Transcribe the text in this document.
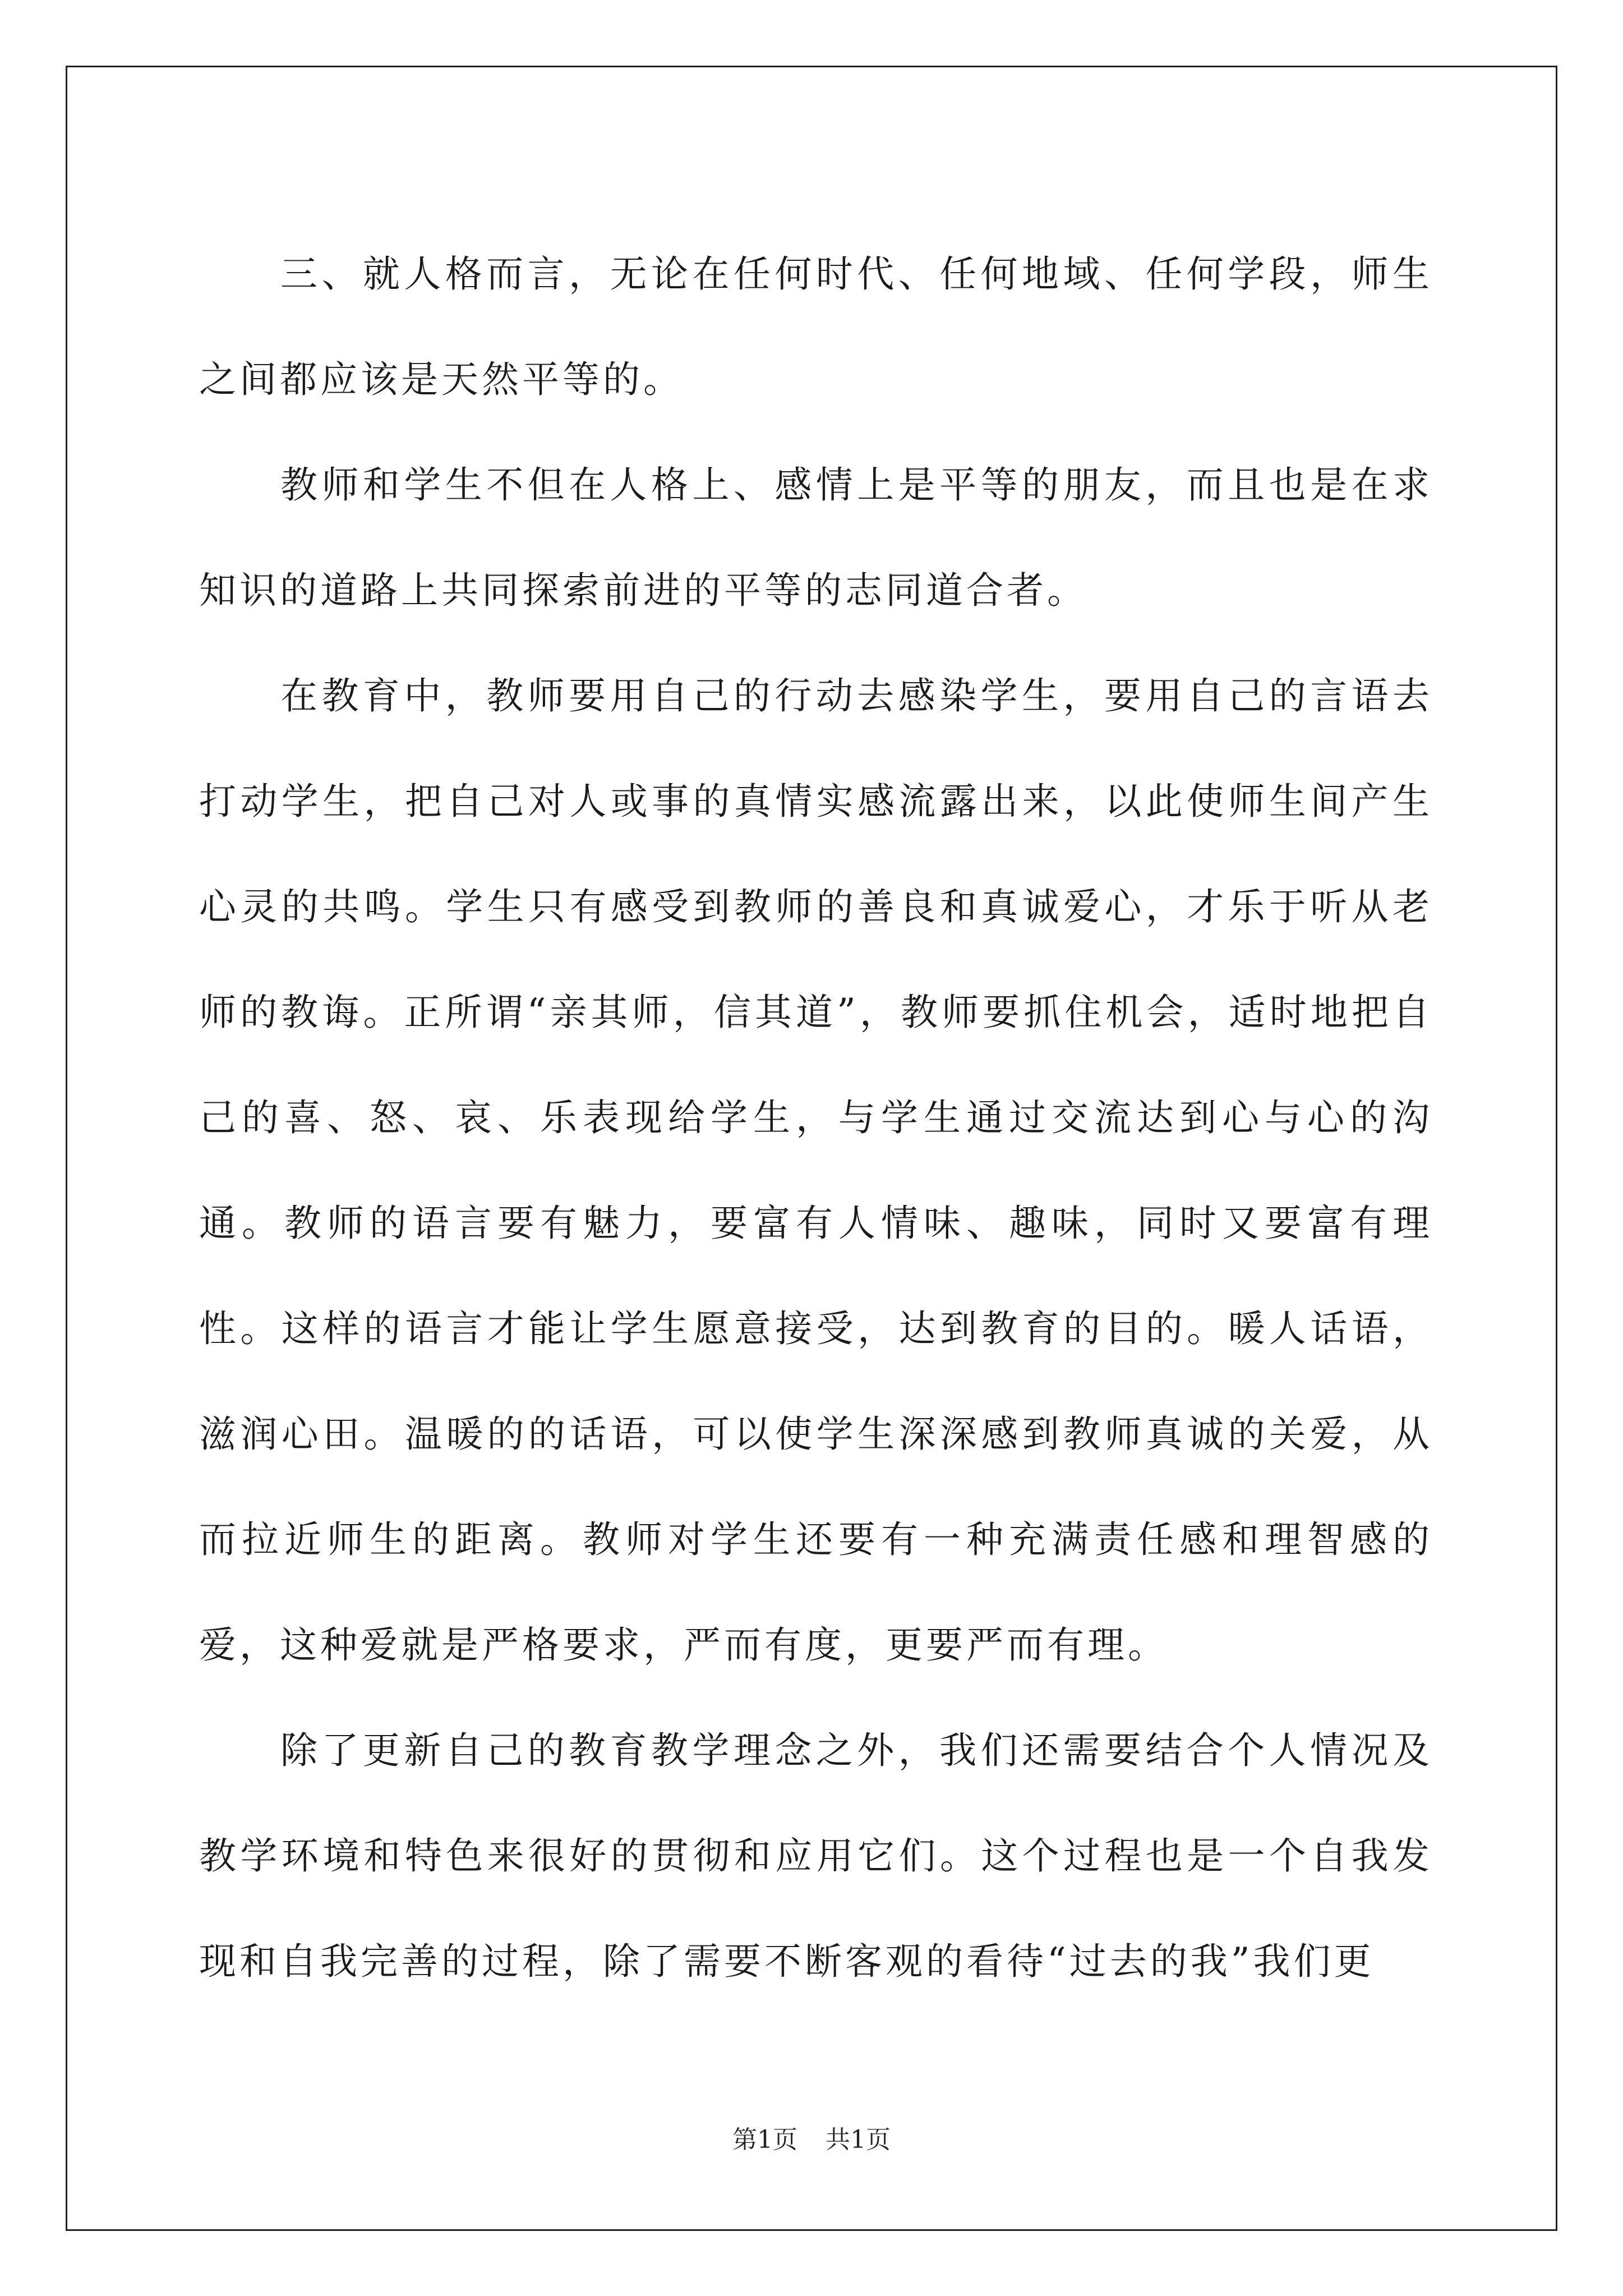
三、就人格而言，无论在任何时代、任何地域、任何学段，师生之间都应该是天然平等的。

教师和学生不但在人格上、感情上是平等的朋友，而且也是在求知识的道路上共同探索前进的平等的志同道合者。

在教育中，教师要用自己的行动去感染学生，要用自己的言语去打动学生，把自己对人或事的真情实感流露出来，以此使师生间产生心灵的共鸣。学生只有感受到教师的善良和真诚爱心，才乐于听从老师的教诲。正所谓“亲其师，信其道”，教师要抓住机会，适时地把自己的喜、怒、哀、乐表现给学生，与学生通过交流达到心与心的沟通。教师的语言要有魅力，要富有人情味、趣味，同时又要富有理性。这样的语言才能让学生愿意接受，达到教育的目的。暖人话语，滋润心田。温暖的的话语，可以使学生深深感到教师真诚的关爱，从而拉近师生的距离。教师对学生还要有一种充满责任感和理智感的爱，这种爱就是严格要求，严而有度，更要严而有理。

除了更新自己的教育教学理念之外，我们还需要结合个人情况及教学环境和特色来很好的贯彻和应用它们。这个过程也是一个自我发现和自我完善的过程，除了需要不断客观的看待“过去的我”我们更

第1页 共1页
